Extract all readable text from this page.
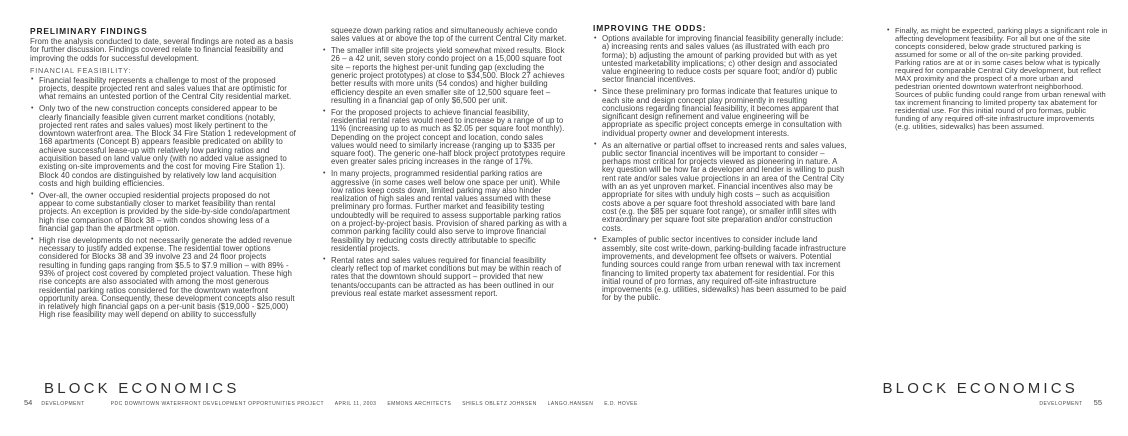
PRELIMINARY FINDINGS

From the analysis conducted to date, several findings are noted as a basis for further discussion. Findings covered relate to financial feasibility and improving the odds for successful development.

FINANCIAL FEASIBILITY:
• Financial feasibility represents a challenge to most of the proposed projects, despite projected rent and sales values that are optimistic for what remains an untested portion of the Central City residential market.
• Only two of the new construction concepts considered appear to be clearly financially feasible given current market conditions (notably, projected rent rates and sales values) most likely pertinent to the downtown waterfront area. The Block 34 Fire Station 1 redevelopment of 168 apartments (Concept B) appears feasible predicated on ability to achieve successful lease-up with relatively low parking ratios and acquisition based on land value only (with no added value assigned to existing on-site improvements and the cost for moving Fire Station 1). Block 40 condos are distinguished by relatively low land acquisition costs and high building efficiencies.
• Over-all, the owner occupied residential projects proposed do not appear to come substantially closer to market feasibility than rental projects. An exception is provided by the side-by-side condo/apartment high rise comparison of Block 38 – with condos showing less of a financial gap than the apartment option.
• High rise developments do not necessarily generate the added revenue necessary to justify added expense. The residential tower options considered for Blocks 38 and 39 involve 23 and 24 floor projects resulting in funding gaps ranging from $5.5 to $7.9 million – with 89% - 93% of project cost covered by completed project valuation. These high rise concepts are also associated with among the most generous residential parking ratios considered for the downtown waterfront opportunity area. Consequently, these development concepts also result in relatively high financial gaps on a per-unit basis ($19,000 - $25,000) High rise feasibility may well depend on ability to successfully

squeeze down parking ratios and simultaneously achieve condo sales values at or above the top of the current Central City market.

• The smaller infill site projects yield somewhat mixed results. Block 26 – a 42 unit, seven story condo project on a 15,000 square foot site – reports the highest per-unit funding gap (excluding the generic project prototypes) at close to $34,500. Block 27 achieves better results with more units (54 condos) and higher building efficiency despite an even smaller site of 12,500 square feet – resulting in a financial gap of only $6,500 per unit.
• For the proposed projects to achieve financial feasibility, residential rental rates would need to increase by a range of up to 11% (increasing up to as much as $2.05 per square foot monthly). Depending on the project concept and location, condo sales values would need to similarly increase (ranging up to $335 per square foot). The generic one-half block project prototypes require even greater sales pricing increases in the range of 17%.
• In many projects, programmed residential parking ratios are aggressive (in some cases well below one space per unit). While low ratios keep costs down, limited parking may also hinder realization of high sales and rental values assumed with these preliminary pro formas. Further market and feasibility testing undoubtedly will be required to assess supportable parking ratios on a project-by-project basis. Provision of shared parking as with a common parking facility could also serve to improve financial feasibility by reducing costs directly attributable to specific residential projects.
• Rental rates and sales values required for financial feasibility clearly reflect top of market conditions but may be within reach of rates that the downtown should support – provided that new tenants/occupants can be attracted as has been outlined in our previous real estate market assessment report.
IMPROVING THE ODDS:
• Options available for improving financial feasibility generally include: a) increasing rents and sales values (as illustrated with each pro forma); b) adjusting the amount of parking provided but with as yet untested marketability implications; c) other design and associated value engineering to reduce costs per square foot; and/or d) public sector financial incentives.
• Since these preliminary pro formas indicate that features unique to each site and design concept play prominently in resulting conclusions regarding financial feasibility, it becomes apparent that significant design refinement and value engineering will be appropriate as specific project concepts emerge in consultation with individual property owner and development interests.
• As an alternative or partial offset to increased rents and sales values, public sector financial incentives will be important to consider – perhaps most critical for projects viewed as pioneering in nature. A key question will be how far a developer and lender is willing to push rent rate and/or sales value projections in an area of the Central City with an as yet unproven market. Financial incentives also may be appropriate for sites with unduly high costs – such as acquisition costs above a per square foot threshold associated with bare land cost (e.g. the $85 per square foot range), or smaller infill sites with extraordinary per square foot site preparation and/or construction costs.
• Examples of public sector incentives to consider include land assembly, site cost write-down, parking-building facade infrastructure improvements, and development fee offsets or waivers. Potential funding sources could range from urban renewal with tax increment financing to limited property tax abatement for residential. For this initial round of pro formas, any required off-site infrastructure improvements (e.g. utilities, sidewalks) has been assumed to be paid for by the public.
• Finally, as might be expected, parking plays a significant role in affecting development feasibility. For all but one of the site concepts considered, below grade structured parking is assumed for some or all of the on-site parking provided. Parking ratios are at or in some cases below what is typically required for comparable Central City development, but reflect MAX proximity and the prospect of a more urban and pedestrian oriented downtown waterfront neighborhood. Sources of public funding could range from urban renewal with tax increment financing to limited property tax abatement for residential use. For this initial round of pro formas, public funding of any required off-site infrastructure improvements (e.g. utilities, sidewalks) has been assumed.
BLOCK ECONOMICS
54 DEVELOPMENT	PDC DOWNTOWN WATERFRONT DEVELOPMENT OPPORTUNITIES PROJECT APRIL 11, 2003 EMMONS ARCHITECTS SHIELS OBLETZ JOHNSEN LANGO.HANSEN E.D. HOVEE
BLOCK ECONOMICS
DEVELOPMENT 55
